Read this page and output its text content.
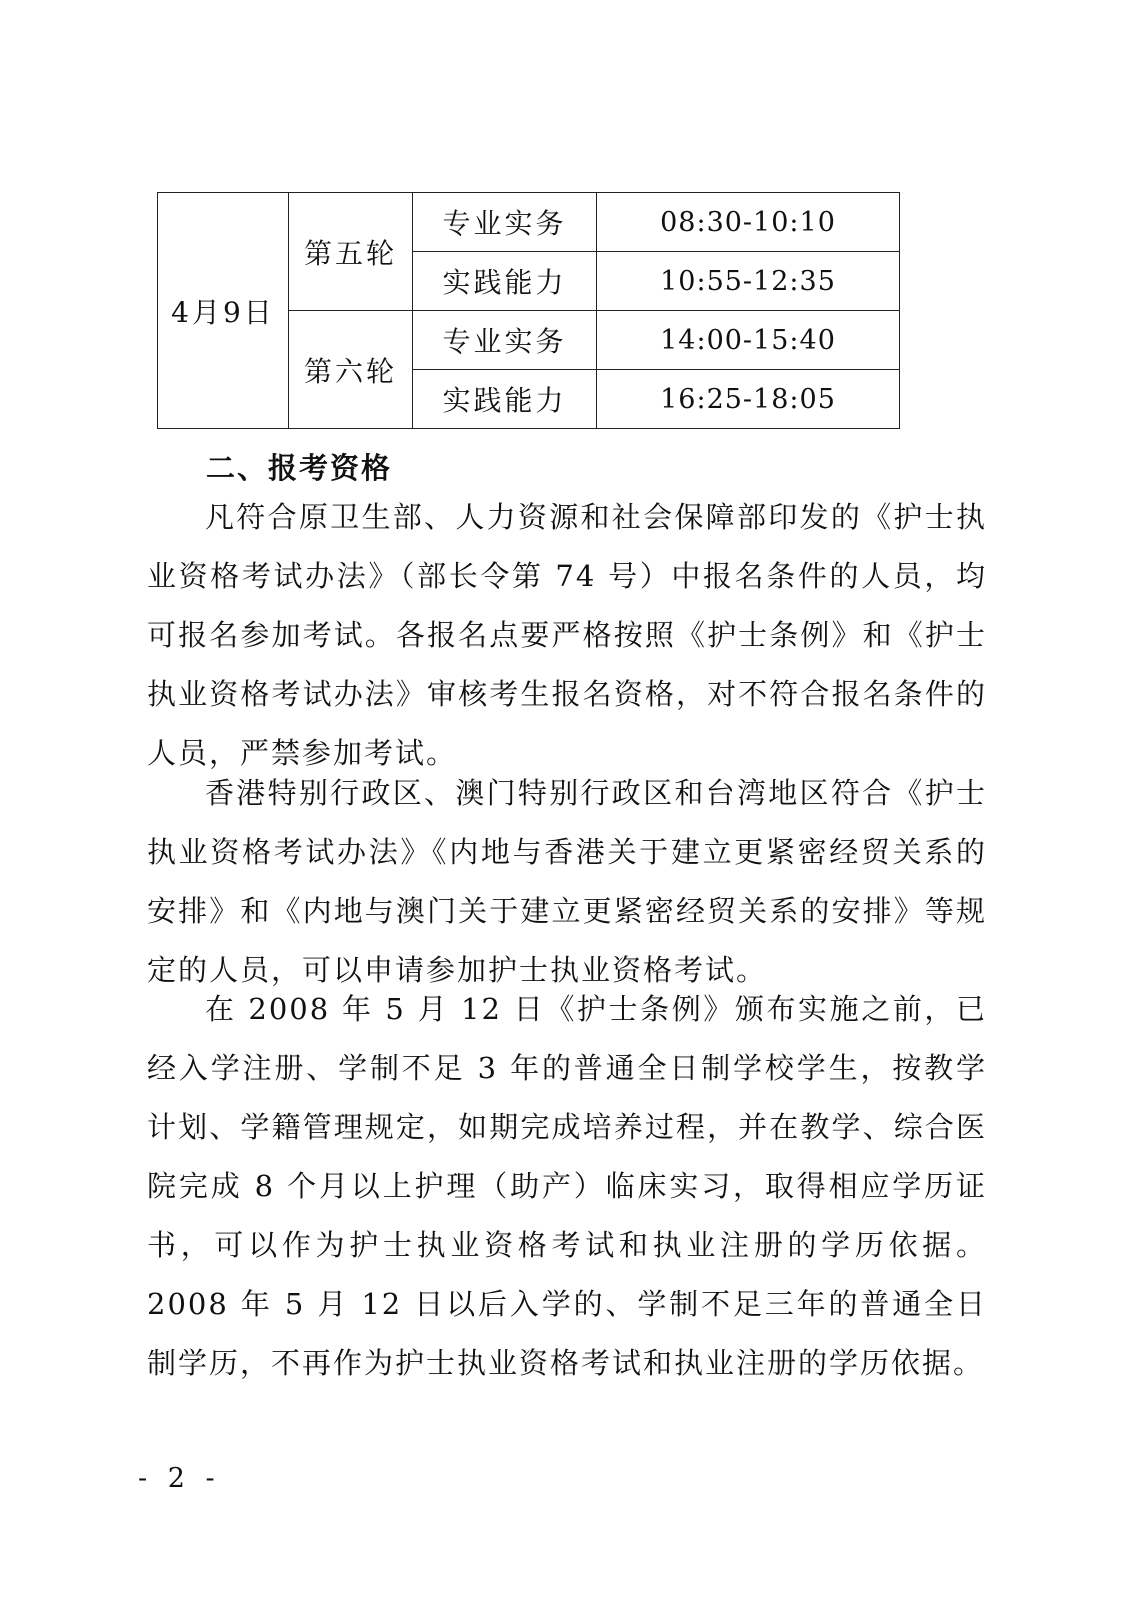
4月9日	第五轮	专业实务	08:30-10:10
		实践能力	10:55-12:35
	第六轮	专业实务	14:00-15:40
		实践能力	16:25-18:05
二、报考资格

凡符合原卫生部、人力资源和社会保障部印发的《护士执业资格考试办法》（部长令第 74 号）中报名条件的人员，均可报名参加考试。各报名点要严格按照《护士条例》和《护士执业资格考试办法》审核考生报名资格，对不符合报名条件的人员，严禁参加考试。

香港特别行政区、澳门特别行政区和台湾地区符合《护士执业资格考试办法》《内地与香港关于建立更紧密经贸关系的安排》和《内地与澳门关于建立更紧密经贸关系的安排》等规定的人员，可以申请参加护士执业资格考试。

在 2008 年 5 月 12 日《护士条例》颁布实施之前，已经入学注册、学制不足 3 年的普通全日制学校学生，按教学计划、学籍管理规定，如期完成培养过程，并在教学、综合医院完成 8 个月以上护理（助产）临床实习，取得相应学历证书，可以作为护士执业资格考试和执业注册的学历依据。2008 年 5 月 12 日以后入学的、学制不足三年的普通全日制学历，不再作为护士执业资格考试和执业注册的学历依据。

- 2 -
